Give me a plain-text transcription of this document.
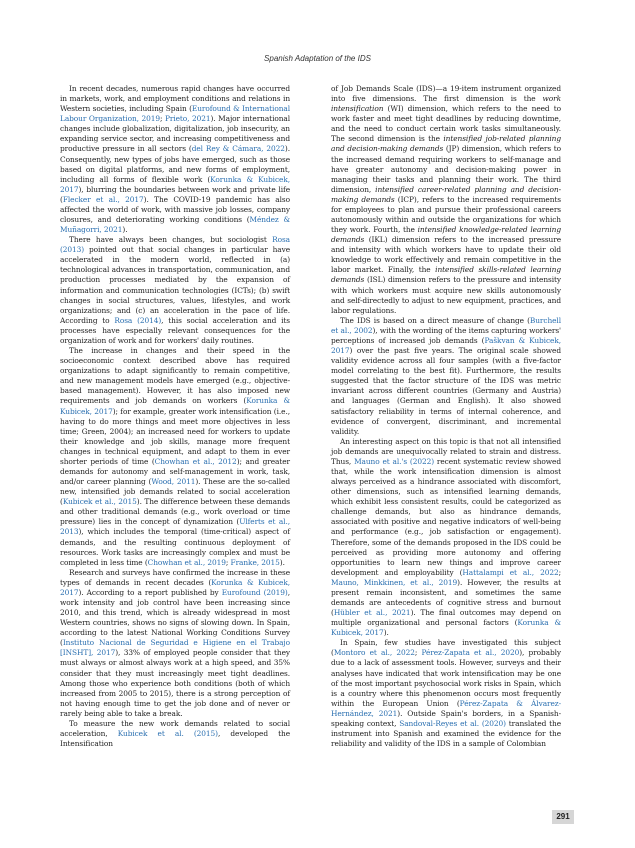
Spanish Adaptation of the IDS

In recent decades, numerous rapid changes have occurred in markets, work, and employment conditions and relations in Western societies, including Spain (Eurofound & International Labour Organization, 2019; Prieto, 2021). Major international changes include globalization, digitalization, job insecurity, an expanding service sector, and increasing competitiveness and productive pressure in all sectors (del Rey & Cámara, 2022). Consequently, new types of jobs have emerged, such as those based on digital platforms, and new forms of employment, including all forms of flexible work (Korunka & Kubicek, 2017), blurring the boundaries between work and private life (Flecker et al., 2017). The COVID-19 pandemic has also affected the world of work, with massive job losses, company closures, and deteriorating working conditions (Méndez & Muñagorri, 2021).

There have always been changes, but sociologist Rosa (2013) pointed out that social changes in particular have accelerated in the modern world, reflected in (a) technological advances in transportation, communication, and production processes mediated by the expansion of information and communication technologies (ICTs); (b) swift changes in social structures, values, lifestyles, and work organizations; and (c) an acceleration in the pace of life. According to Rosa (2014), this social acceleration and its processes have especially relevant consequences for the organization of work and for workers' daily routines.

The increase in changes and their speed in the socioeconomic context described above has required organizations to adapt significantly to remain competitive, and new management models have emerged (e.g., objective-based management). However, it has also imposed new requirements and job demands on workers (Korunka & Kubicek, 2017); for example, greater work intensification (i.e., having to do more things and meet more objectives in less time; Green, 2004); an increased need for workers to update their knowledge and job skills, manage more frequent changes in technical equipment, and adapt to them in ever shorter periods of time (Chowhan et al., 2012); and greater demands for autonomy and self-management in work, task, and/or career planning (Wood, 2011). These are the so-called new, intensified job demands related to social acceleration (Kubicek et al., 2015). The difference between these demands and other traditional demands (e.g., work overload or time pressure) lies in the concept of dynamization (Ulferts et al., 2013), which includes the temporal (time-critical) aspect of demands, and the resulting continuous deployment of resources. Work tasks are increasingly complex and must be completed in less time (Chowhan et al., 2019; Franke, 2015).

Research and surveys have confirmed the increase in these types of demands in recent decades (Korunka & Kubicek, 2017). According to a report published by Eurofound (2019), work intensity and job control have been increasing since 2010, and this trend, which is already widespread in most Western countries, shows no signs of slowing down. In Spain, according to the latest National Working Conditions Survey (Instituto Nacional de Seguridad e Higiene en el Trabajo [INSHT], 2017), 33% of employed people consider that they must always or almost always work at a high speed, and 35% consider that they must increasingly meet tight deadlines. Among those who experience both conditions (both of which increased from 2005 to 2015), there is a strong perception of not having enough time to get the job done and of never or rarely being able to take a break.

To measure the new work demands related to social acceleration, Kubicek et al. (2015), developed the Intensification

of Job Demands Scale (IDS)—a 19-item instrument organized into five dimensions. The first dimension is the work intensification (WI) dimension, which refers to the need to work faster and meet tight deadlines by reducing downtime, and the need to conduct certain work tasks simultaneously. The second dimension is the intensified job-related planning and decision-making demands (JP) dimension, which refers to the increased demand requiring workers to self-manage and have greater autonomy and decision-making power in managing their tasks and planning their work. The third dimension, intensified career-related planning and decision-making demands (ICP), refers to the increased requirements for employees to plan and pursue their professional careers autonomously within and outside the organizations for which they work. Fourth, the intensified knowledge-related learning demands (IKL) dimension refers to the increased pressure and intensity with which workers have to update their old knowledge to work effectively and remain competitive in the labor market. Finally, the intensified skills-related learning demands (ISL) dimension refers to the pressure and intensity with which workers must acquire new skills autonomously and self-directedly to adjust to new equipment, practices, and labor regulations.

The IDS is based on a direct measure of change (Burchell et al., 2002), with the wording of the items capturing workers' perceptions of increased job demands (Paškvan & Kubicek, 2017) over the past five years. The original scale showed validity evidence across all four samples (with a five-factor model correlating to the best fit). Furthermore, the results suggested that the factor structure of the IDS was metric invariant across different countries (Germany and Austria) and languages (German and English). It also showed satisfactory reliability in terms of internal coherence, and evidence of convergent, discriminant, and incremental validity.

An interesting aspect on this topic is that not all intensified job demands are unequivocally related to strain and distress. Thus, Mauno et al.'s (2022) recent systematic review showed that, while the work intensification dimension is almost always perceived as a hindrance associated with discomfort, other dimensions, such as intensified learning demands, which exhibit less consistent results, could be categorized as challenge demands, but also as hindrance demands, associated with positive and negative indicators of well-being and performance (e.g., job satisfaction or engagement). Therefore, some of the demands proposed in the IDS could be perceived as providing more autonomy and offering opportunities to learn new things and improve career development and employability (Hattalampi et al., 2022; Mauno, Minkkinen, et al., 2019). However, the results at present remain inconsistent, and sometimes the same demands are antecedents of cognitive stress and burnout (Hübler et al., 2021). The final outcomes may depend on multiple organizational and personal factors (Korunka & Kubicek, 2017).

In Spain, few studies have investigated this subject (Montoro et al., 2022; Pérez-Zapata et al., 2020), probably due to a lack of assessment tools. However, surveys and their analyses have indicated that work intensification may be one of the most important psychosocial work risks in Spain, which is a country where this phenomenon occurs most frequently within the European Union (Pérez-Zapata & Álvarez-Hernández, 2021). Outside Spain's borders, in a Spanish-speaking context, Sandoval-Reyes et al. (2020) translated the instrument into Spanish and examined the evidence for the reliability and validity of the IDS in a sample of Colombian

291
